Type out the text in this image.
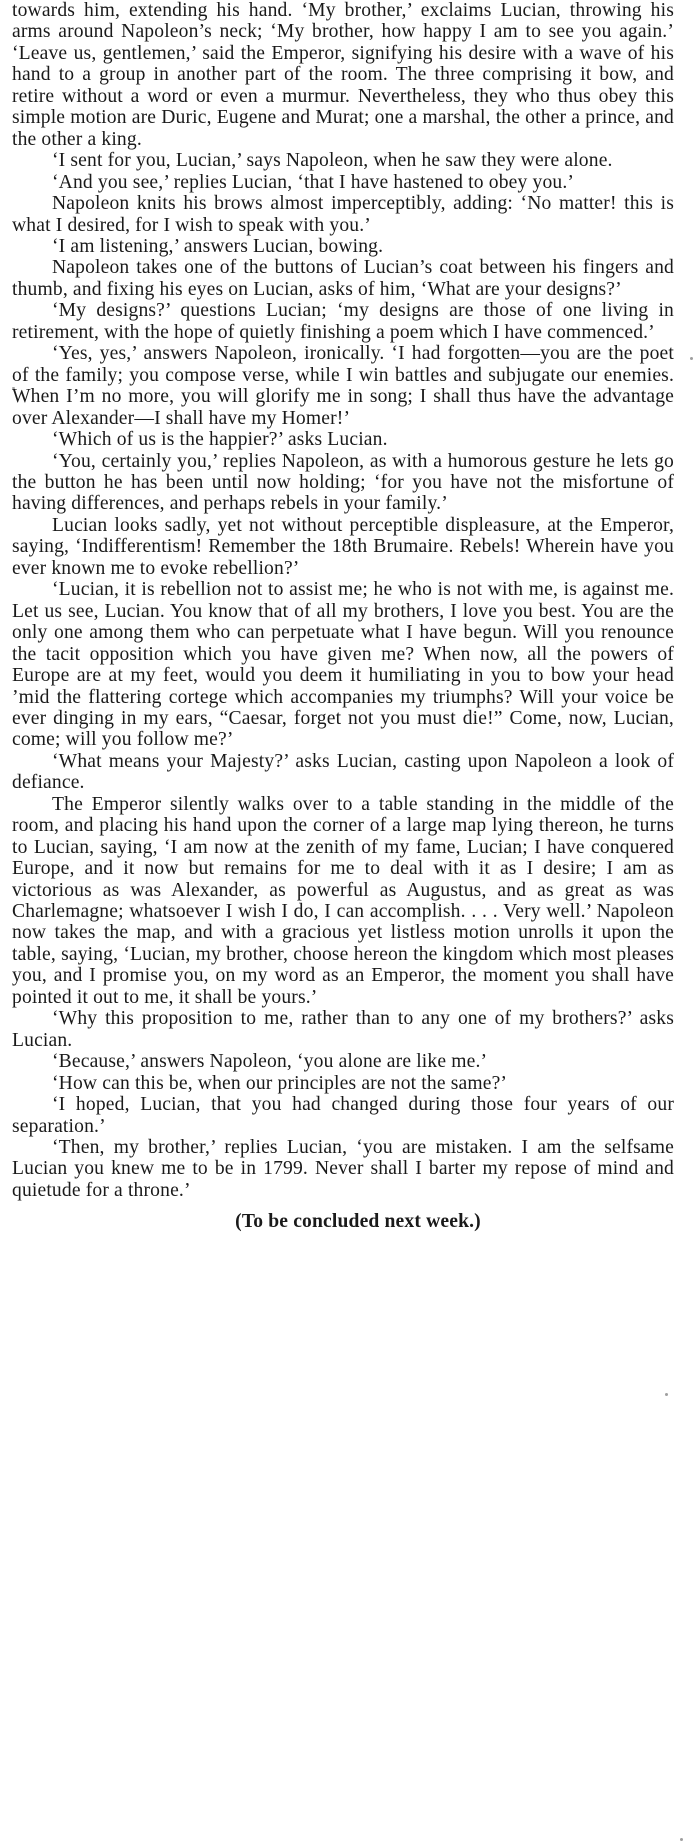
towards him, extending his hand. ‘My brother,’ exclaims Lucian, throwing his arms around Napoleon’s neck; ‘My brother, how happy I am to see you again.’ ‘Leave us, gentlemen,’ said the Emperor, signifying his desire with a wave of his hand to a group in another part of the room. The three comprising it bow, and retire without a word or even a murmur. Nevertheless, they who thus obey this simple motion are Duric, Eugene and Murat; one a marshal, the other a prince, and the other a king.

‘I sent for you, Lucian,’ says Napoleon, when he saw they were alone.

‘And you see,’ replies Lucian, ‘that I have hastened to obey you.’

Napoleon knits his brows almost imperceptibly, adding: ‘No matter! this is what I desired, for I wish to speak with you.’

‘I am listening,’ answers Lucian, bowing.

Napoleon takes one of the buttons of Lucian’s coat between his fingers and thumb, and fixing his eyes on Lucian, asks of him, ‘What are your designs?’

‘My designs?’ questions Lucian; ‘my designs are those of one living in retirement, with the hope of quietly finishing a poem which I have commenced.’

‘Yes, yes,’ answers Napoleon, ironically. ‘I had forgotten—you are the poet of the family; you compose verse, while I win battles and subjugate our enemies. When I’m no more, you will glorify me in song; I shall thus have the advantage over Alexander—I shall have my Homer!’

‘Which of us is the happier?’ asks Lucian.

‘You, certainly you,’ replies Napoleon, as with a humorous gesture he lets go the button he has been until now holding; ‘for you have not the misfortune of having differences, and perhaps rebels in your family.’

Lucian looks sadly, yet not without perceptible displeasure, at the Emperor, saying, ‘Indifferentism! Remember the 18th Brumaire. Rebels! Wherein have you ever known me to evoke rebellion?’

‘Lucian, it is rebellion not to assist me; he who is not with me, is against me. Let us see, Lucian. You know that of all my brothers, I love you best. You are the only one among them who can perpetuate what I have begun. Will you renounce the tacit opposition which you have given me? When now, all the powers of Europe are at my feet, would you deem it humiliating in you to bow your head ’mid the flattering cortege which accompanies my triumphs? Will your voice be ever dinging in my ears, “Caesar, forget not you must die!” Come, now, Lucian, come; will you follow me?’

‘What means your Majesty?’ asks Lucian, casting upon Napoleon a look of defiance.

The Emperor silently walks over to a table standing in the middle of the room, and placing his hand upon the corner of a large map lying thereon, he turns to Lucian, saying, ‘I am now at the zenith of my fame, Lucian; I have conquered Europe, and it now but remains for me to deal with it as I desire; I am as victorious as was Alexander, as powerful as Augustus, and as great as was Charlemagne; whatsoever I wish I do, I can accomplish. . . . Very well.’ Napoleon now takes the map, and with a gracious yet listless motion unrolls it upon the table, saying, ‘Lucian, my brother, choose hereon the kingdom which most pleases you, and I promise you, on my word as an Emperor, the moment you shall have pointed it out to me, it shall be yours.’

‘Why this proposition to me, rather than to any one of my brothers?’ asks Lucian.

‘Because,’ answers Napoleon, ‘you alone are like me.’

‘How can this be, when our principles are not the same?’

‘I hoped, Lucian, that you had changed during those four years of our separation.’

‘Then, my brother,’ replies Lucian, ‘you are mistaken. I am the selfsame Lucian you knew me to be in 1799. Never shall I barter my repose of mind and quietude for a throne.’

(To be concluded next week.)
